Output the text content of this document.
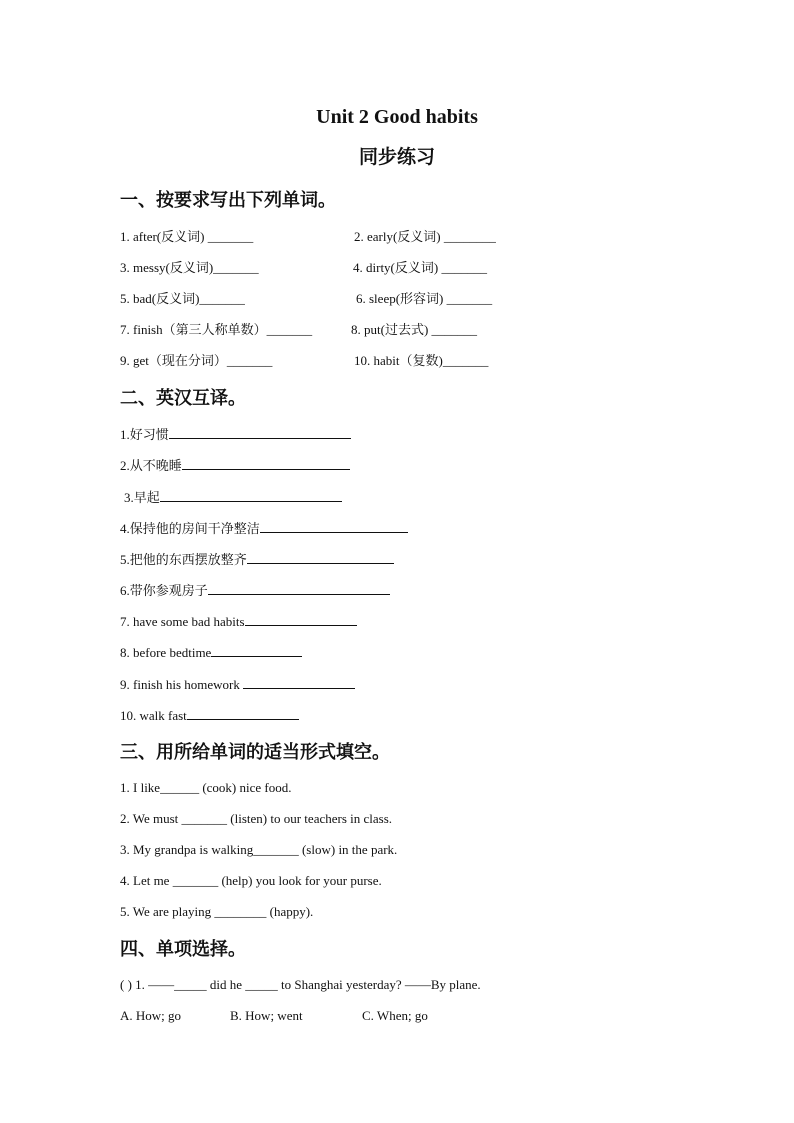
Unit 2 Good habits
同步练习
一、按要求写出下列单词。
1. after(反义词) _______	2. early(反义词) ________
3. messy(反义词)_______	4. dirty(反义词) _______
5. bad(反义词)_______	6. sleep(形容词) _______
7. finish（第三人称单数）_______	8. put(过去式) _______
9. get（现在分词）_______	10. habit（复数)_______
二、英汉互译。
1.好习惯
2.从不晚睡
3.早起
4.保持他的房间干净整洁
5.把他的东西摆放整齐
6.带你参观房子
7. have some bad habits
8. before bedtime
9. finish his homework
10. walk fast
三、用所给单词的适当形式填空。
1. I like______ (cook) nice food.
2. We must _______ (listen) to our teachers in class.
3. My grandpa is walking_______ (slow) in the park.
4. Let me _______ (help) you look for your purse.
5. We are playing ________ (happy).
四、单项选择。
( ) 1. ——_____ did he _____ to Shanghai yesterday? ——By plane.
A. How; go	B. How; went	C. When; go
